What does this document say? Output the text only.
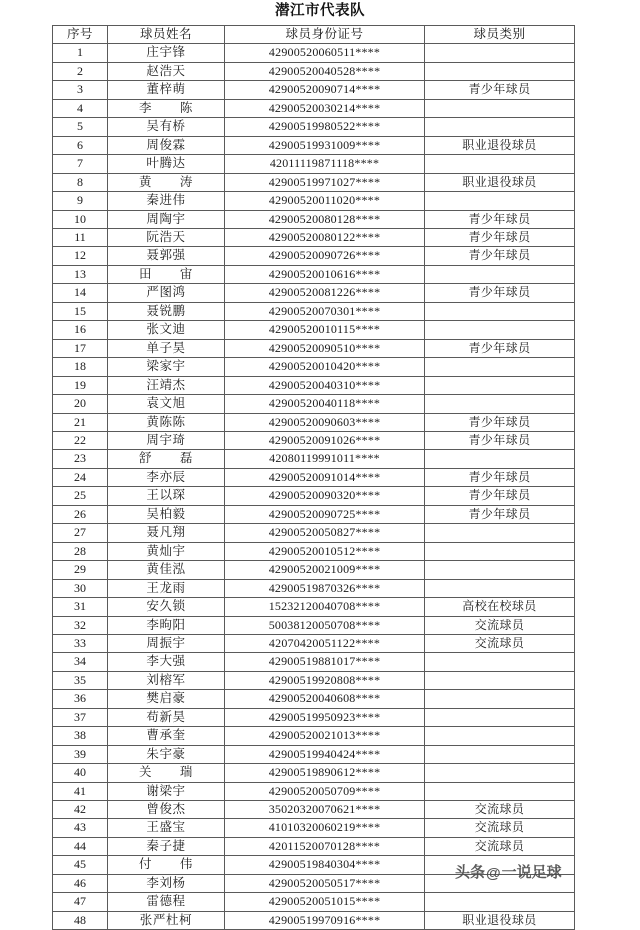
潜江市代表队
序号	球员姓名	球员身份证号	球员类别
1	庄宇锋	42900520060511****	
2	赵浩天	42900520040528****	
3	董梓萌	42900520090714****	青少年球员
4	李陈	42900520030214****	
5	吴有桥	42900519980522****	
6	周俊霖	42900519931009****	职业退役球员
7	叶腾达	42011119871118****	
8	黄涛	42900519971027****	职业退役球员
9	秦进伟	42900520011020****	
10	周陶宇	42900520080128****	青少年球员
11	阮浩天	42900520080122****	青少年球员
12	聂郭强	42900520090726****	青少年球员
13	田宙	42900520010616****	
14	严图鸿	42900520081226****	青少年球员
15	聂锐鹏	42900520070301****	
16	张文迪	42900520010115****	
17	单子昊	42900520090510****	青少年球员
18	梁家宇	42900520010420****	
19	汪靖杰	42900520040310****	
20	袁文旭	42900520040118****	
21	黄陈陈	42900520090603****	青少年球员
22	周宇琦	42900520091026****	青少年球员
23	舒磊	42080119991011****	
24	李亦辰	42900520091014****	青少年球员
25	王以琛	42900520090320****	青少年球员
26	吴柏毅	42900520090725****	青少年球员
27	聂凡翔	42900520050827****	
28	黄灿宇	42900520010512****	
29	黄佳泓	42900520021009****	
30	王龙雨	42900519870326****	
31	安久锁	15232120040708****	高校在校球员
32	李昫阳	50038120050708****	交流球员
33	周振宇	42070420051122****	交流球员
34	李大强	42900519881017****	
35	刘榕军	42900519920808****	
36	樊启豪	42900520040608****	
37	苟新昊	42900519950923****	
38	曹承奎	42900520021013****	
39	朱宇豪	42900519940424****	
40	关瑞	42900519890612****	
41	谢梁宇	42900520050709****	
42	曾俊杰	35020320070621****	交流球员
43	王盛宝	41010320060219****	交流球员
44	秦子捷	42011520070128****	交流球员
45	付伟	42900519840304****	
46	李刘杨	42900520050517****	
47	雷德程	42900520051015****	
48	张严杜柯	42900519970916****	职业退役球员
头条@一说足球
